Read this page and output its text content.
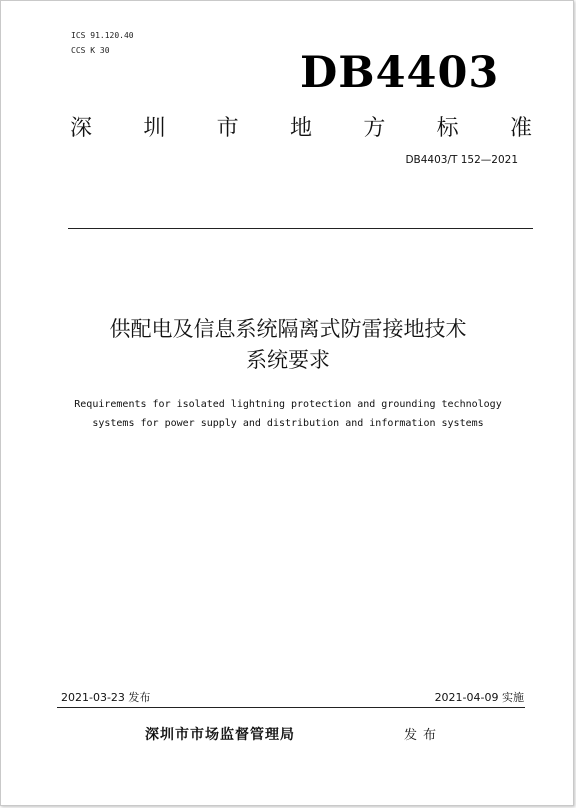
ICS 91.120.40
CCS K 30	DB4403
深 圳 市 地 方 标 准
DB4403/T 152—2021
供配电及信息系统隔离式防雷接地技术
系统要求
Requirements for isolated lightning protection and grounding technology
systems for power supply and distribution and information systems
2021-03-23 发布	2021-04-09 实施
深圳市市场监督管理局	发布
